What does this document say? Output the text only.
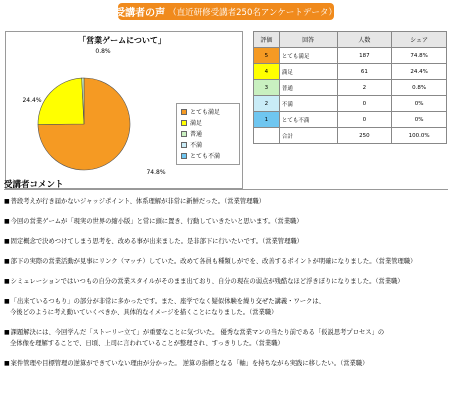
受講者の声 （直近研修受講者250名アンケートデータ）
74.8%
24.4%
0.8%
「営業ゲームについて」
とても満足
満足
普通
不満
とても不満
評価	回答	人数	シェア
5	とても満足	187	74.8%
4	満足	61	24.4%
3	普通	2	0.8%
2	不満	0	0%
1	とても不満	0	0%
	合計	250	100.0%
受講者コメント
■普段考えが行き届かないジャッジポイント、体系理解が非常に新鮮だった。（営業管理職）
■今回の営業ゲームが「現実の世界の縮小版」と常に頭に置き、行動していきたいと思います。（営業職）
■固定概念で決めつけてしまう思考を、改める事が出来ました。是非部下に行いたいです。（営業管理職）
■部下の実際の営業活動が見事にリンク（マッチ）していた。改めて各員も種類しがでを、改善するポイントが明確になりました。（営業管理職）
■シミュレーションではいつもの自分の営業スタイルがそのまま出ており、自分の現在の弱点が残酷なほど浮きぼりになりました。（営業職）
■「出来ているつもり」の部分が非常に多かったです。また、座学でなく疑似体験を繰り交ぜた講義・ワークは、
今後どのように考え動いていくべきか、具体的なイメージを描くことになりました。（営業職）
■課題解決には、今回学んだ「ストーリー立て」が重要なことに気づいた。 優秀な営業マンの当たり前である「仮説思考プロセス」の
全体像を理解することで、日頃、上司に言われていることが整理され、すっきりした。（営業職）
■案件管理や目標管理の逆算ができていない理由が分かった。 逆算の指標となる「軸」を持ちながら実践に移したい。（営業職）
